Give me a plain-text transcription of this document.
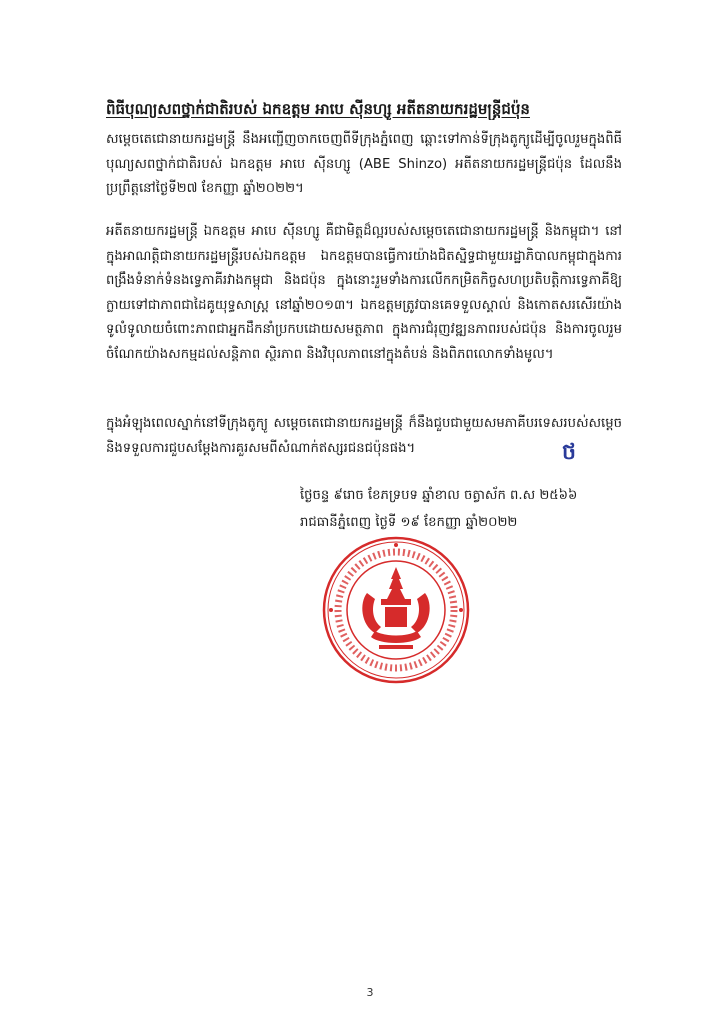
ពិធីបុណ្យសពថ្នាក់ជាតិរបស់ ឯកឧត្តម អាបេ ស៊ីនហ្សូ អតីតនាយករដ្ឋមន្ត្រីជប៉ុន

សម្តេចតេជោនាយករដ្ឋមន្ត្រី នឹងអញ្ជើញចាកចេញពីទីក្រុងភ្នំពេញ ឆ្ពោះទៅកាន់ទីក្រុងតូក្យូដើម្បីចូលរួមក្នុងពិធីបុណ្យសពថ្នាក់ជាតិរបស់ ឯកឧត្តម អាបេ ស៊ីនហ្សូ (ABE Shinzo) អតីតនាយករដ្ឋមន្ត្រីជប៉ុន ដែលនឹងប្រព្រឹត្តនៅថ្ងៃទី២៧ ខែកញ្ញា ឆ្នាំ២០២២។

អតីតនាយករដ្ឋមន្ត្រី ឯកឧត្តម អាបេ ស៊ីនហ្សូ គឺជាមិត្តដ៏ល្អរបស់សម្តេចតេជោនាយករដ្ឋមន្ត្រី និងកម្ពុជា។ នៅក្នុងអាណត្តិជានាយករដ្ឋមន្ត្រីរបស់ឯកឧត្តម ឯកឧត្តមបានធ្វើការយ៉ាងជិតស្និទ្ធជាមួយរដ្ឋាភិបាលកម្ពុជាក្នុងការពង្រឹងទំនាក់ទំនងទ្វេភាគីរវាងកម្ពុជា និងជប៉ុន ក្នុងនោះរួមទាំងការលើកកម្រិតកិច្ចសហប្រតិបត្តិការទ្វេភាគីឱ្យក្លាយទៅជាភាពជាដៃគូយុទ្ធសាស្ត្រ នៅឆ្នាំ២០១៣។ ឯកឧត្តមត្រូវបានគេទទួលស្គាល់ និងកោតសរសើរយ៉ាងទូលំទូលាយចំពោះភាពជាអ្នកដឹកនាំប្រកបដោយសមត្ថភាព ក្នុងការជំរុញវឌ្ឍនភាពរបស់ជប៉ុន និងការចូលរួមចំណែកយ៉ាងសកម្មដល់សន្តិភាព ស្ថិរភាព និងវិបុលភាពនៅក្នុងតំបន់ និងពិភពលោកទាំងមូល។

ក្នុងអំឡុងពេលស្នាក់នៅទីក្រុងតូក្យូ សម្តេចតេជោនាយករដ្ឋមន្ត្រី ក៏នឹងជួបជាមួយសមភាគីបរទេសរបស់សម្តេច និងទទួលការជួបសម្តែងការគួរសមពីសំណាក់ឥស្សរជនជប៉ុនផង។	ថ
ថ្ងៃចន្ទ ៩រោច ខែភទ្របទ ឆ្នាំខាល ចត្វាស័ក ព.ស ២៥៦៦
រាជធានីភ្នំពេញ ថ្ងៃទី ១៩ ខែកញ្ញា ឆ្នាំ២០២២
3
